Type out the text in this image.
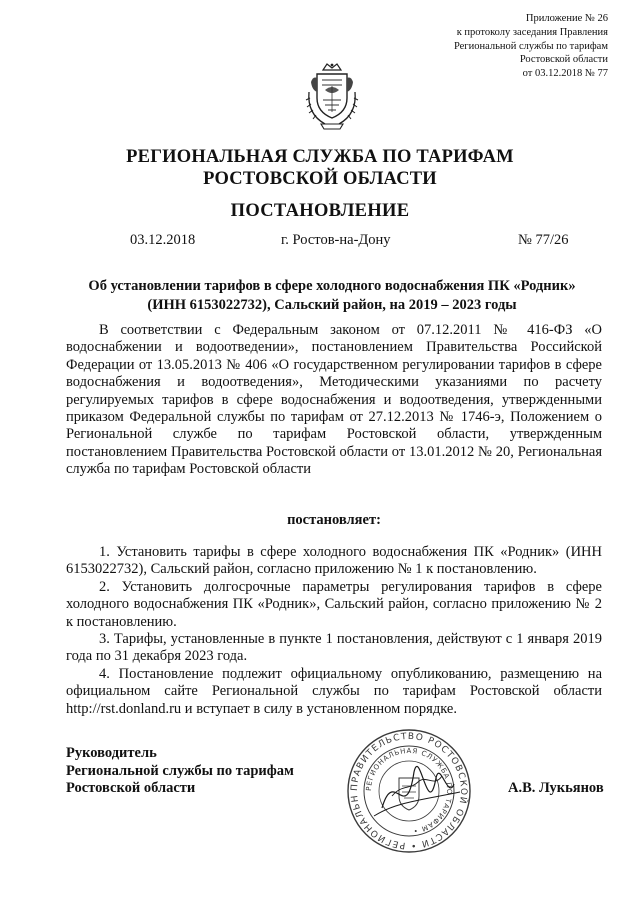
Приложение № 26
к протоколу заседания Правления
Региональной службы по тарифам
Ростовской области
от 03.12.2018 № 77
РЕГИОНАЛЬНАЯ СЛУЖБА ПО ТАРИФАМ
РОСТОВСКОЙ ОБЛАСТИ
ПОСТАНОВЛЕНИЕ
03.12.2018	г. Ростов-на-Дону	№ 77/26
Об установлении тарифов в сфере холодного водоснабжения ПК «Родник»
(ИНН 6153022732), Сальский район, на 2019 – 2023 годы
В соответствии с Федеральным законом от 07.12.2011 № 416-ФЗ «О водоснабжении и водоотведении», постановлением Правительства Российской Федерации от 13.05.2013 № 406 «О государственном регулировании тарифов в сфере водоснабжения и водоотведения», Методическими указаниями по расчету регулируемых тарифов в сфере водоснабжения и водоотведения, утвержденными приказом Федеральной службы по тарифам от 27.12.2013 № 1746-э, Положением о Региональной службе по тарифам Ростовской области, утвержденным постановлением Правительства Ростовской области от 13.01.2012 № 20, Региональная служба по тарифам Ростовской области
постановляет:
1. Установить тарифы в сфере холодного водоснабжения ПК «Родник» (ИНН 6153022732), Сальский район, согласно приложению № 1 к постановлению.
2. Установить долгосрочные параметры регулирования тарифов в сфере холодного водоснабжения ПК «Родник», Сальский район, согласно приложению № 2 к постановлению.
3. Тарифы, установленные в пункте 1 постановления, действуют с 1 января 2019 года по 31 декабря 2023 года.
4. Постановление подлежит официальному опубликованию, размещению на официальном сайте Региональной службы по тарифам Ростовской области http://rst.donland.ru и вступает в силу в установленном порядке.
Руководитель
Региональной службы по тарифам
Ростовской области	ПРАВИТЕЛЬСТВО РОСТОВСКОЙ ОБЛАСТИ • РЕГИОНАЛЬН
РЕГИОНАЛЬНАЯ СЛУЖБА ПО ТАРИФАМ •
А.В. Лукьянов
